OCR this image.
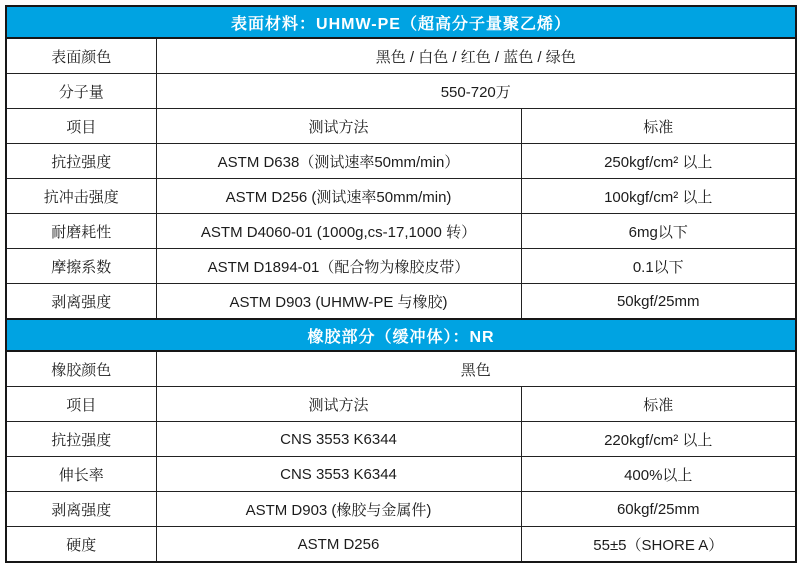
表面材料：UHMW-PE（超高分子量聚乙烯）		
表面颜色	黑色 / 白色 / 红色 / 蓝色 / 绿色	
分子量	550-720万	
项目	测试方法	标准
抗拉强度	ASTM D638（测试速率50mm/min）	250kgf/cm² 以上
抗冲击强度	ASTM D256 (测试速率50mm/min)	100kgf/cm² 以上
耐磨耗性	ASTM D4060-01 (1000g,cs-17,1000 转）	6mg以下
摩擦系数	ASTM D1894-01（配合物为橡胶皮带）	0.1以下
剥离强度	ASTM D903 (UHMW-PE 与橡胶)	50kgf/25mm
橡胶部分（缓冲体）：NR		
橡胶颜色	黑色	
项目	测试方法	标准
抗拉强度	CNS 3553 K6344	220kgf/cm² 以上
伸长率	CNS 3553 K6344	400%以上
剥离强度	ASTM D903 (橡胶与金属件)	60kgf/25mm
硬度	ASTM D256	55±5（SHORE A）
